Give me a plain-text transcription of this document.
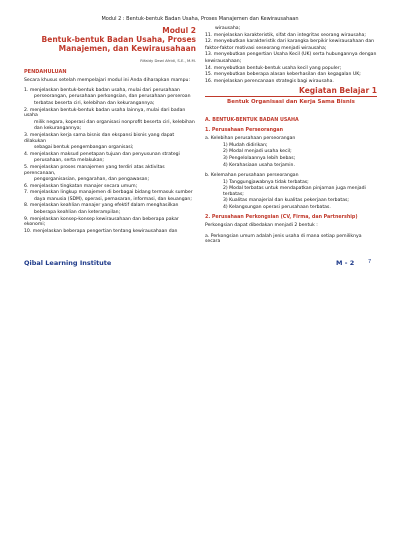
Modul 2 : Bentuk-bentuk Badan Usaha, Proses Manajemen dan Kewirausahaan
Modul 2
Bentuk-bentuk Badan Usaha, Proses Manajemen, dan Kewirausahaan
Rifaldy Dewi Afridi, S.E., M.M.
PENDAHULUAN
Secara khusus setelah mempelajari modul ini Anda diharapkan mampu:
1. menjelaskan bentuk-bentuk badan usaha, mulai dari perusahaan
perseorangan, perusahaan perkongsian, dan perusahaan perseroan
terbatas beserta ciri, kelebihan dan kekurangannya;
2. menjelaskan bentuk-bentuk badan usaha lainnya, mulai dari badan usaha
milik negara, koperasi dan organisasi nonprofit beserta ciri, kelebihan
dan kekurangannya;
3. menjelaskan kerja sama bisnis dan ekspansi bisnis yang dapat dilakukan
sebagai bentuk pengembangan organisasi;
4. menjelaskan maksud penetapan tujuan dan penyusunan strategi
perusahaan, serta melakukan;
5. menjelaskan proses manajemen yang terdiri atas aktivitas perencanaan,
pengorganisasian, pengarahan, dan pengawasan;
6. menjelaskan tingkatan manajer secara umum;
7. menjelaskan lingkup manajemen di berbagai bidang termasuk sumber
daya manusia (SDM), operasi, pemasaran, informasi, dan keuangan;
8. menjelaskan keahlian manajer yang efektif dalam menghasilkan
beberapa keahlian dan keterampilan;
9. menjelaskan konsep-konsep kewirausahaan dan beberapa pakar ekonomi;
10. menjelaskan beberapa pengertian tentang kewirausahaan dan
wirausaha;
11. menjelaskan karakteristik, sifat dan integritas seorang wirausaha;
12. menyebutkan karakteristik dari karangka berpikir kewirausahaan dan
faktor-faktor motivasi seseorang menjadi wirausaha;
13. menyebutkan pengertian Usaha Kecil (UK) serta hubungannya dengan
kewirausahaan;
14. menyebutkan bentuk-bentuk usaha kecil yang populer;
15. menyebutkan beberapa alasan keberhasilan dan kegagalan UK;
16. menjelaskan perencanaan strategis bagi wirausaha.
Kegiatan Belajar 1
Bentuk Organisasi dan Kerja Sama Bisnis
A. BENTUK-BENTUK BADAN USAHA
1. Perusahaan Perseorangan
a. Kelebihan perusahaan perseorangan
1) Mudah didirikan;
2) Modal menjadi usaha kecil;
3) Pengelolaannya lebih bebas;
4) Kerahasiaan usaha terjamin.
b. Kelemahan perusahaan perseorangan
1) Tanggungjawabnya tidak terbatas;
2) Modal terbatas untuk mendapatkan pinjaman juga menjadi terbatas;
3) Kualitas manajerial dan kualitas pekerjaan terbatas;
4) Kelangsungan operasi perusahaan terbatas.
2. Perusahaan Perkongsian (CV, Firma, dan Partnership)
Perkongsian dapat dibedakan menjadi 2 bentuk :
a. Perkongsian umum adalah jenis usaha di mana setiap pemiliknya secara
Qibal Learning Institute	M - 2	7
